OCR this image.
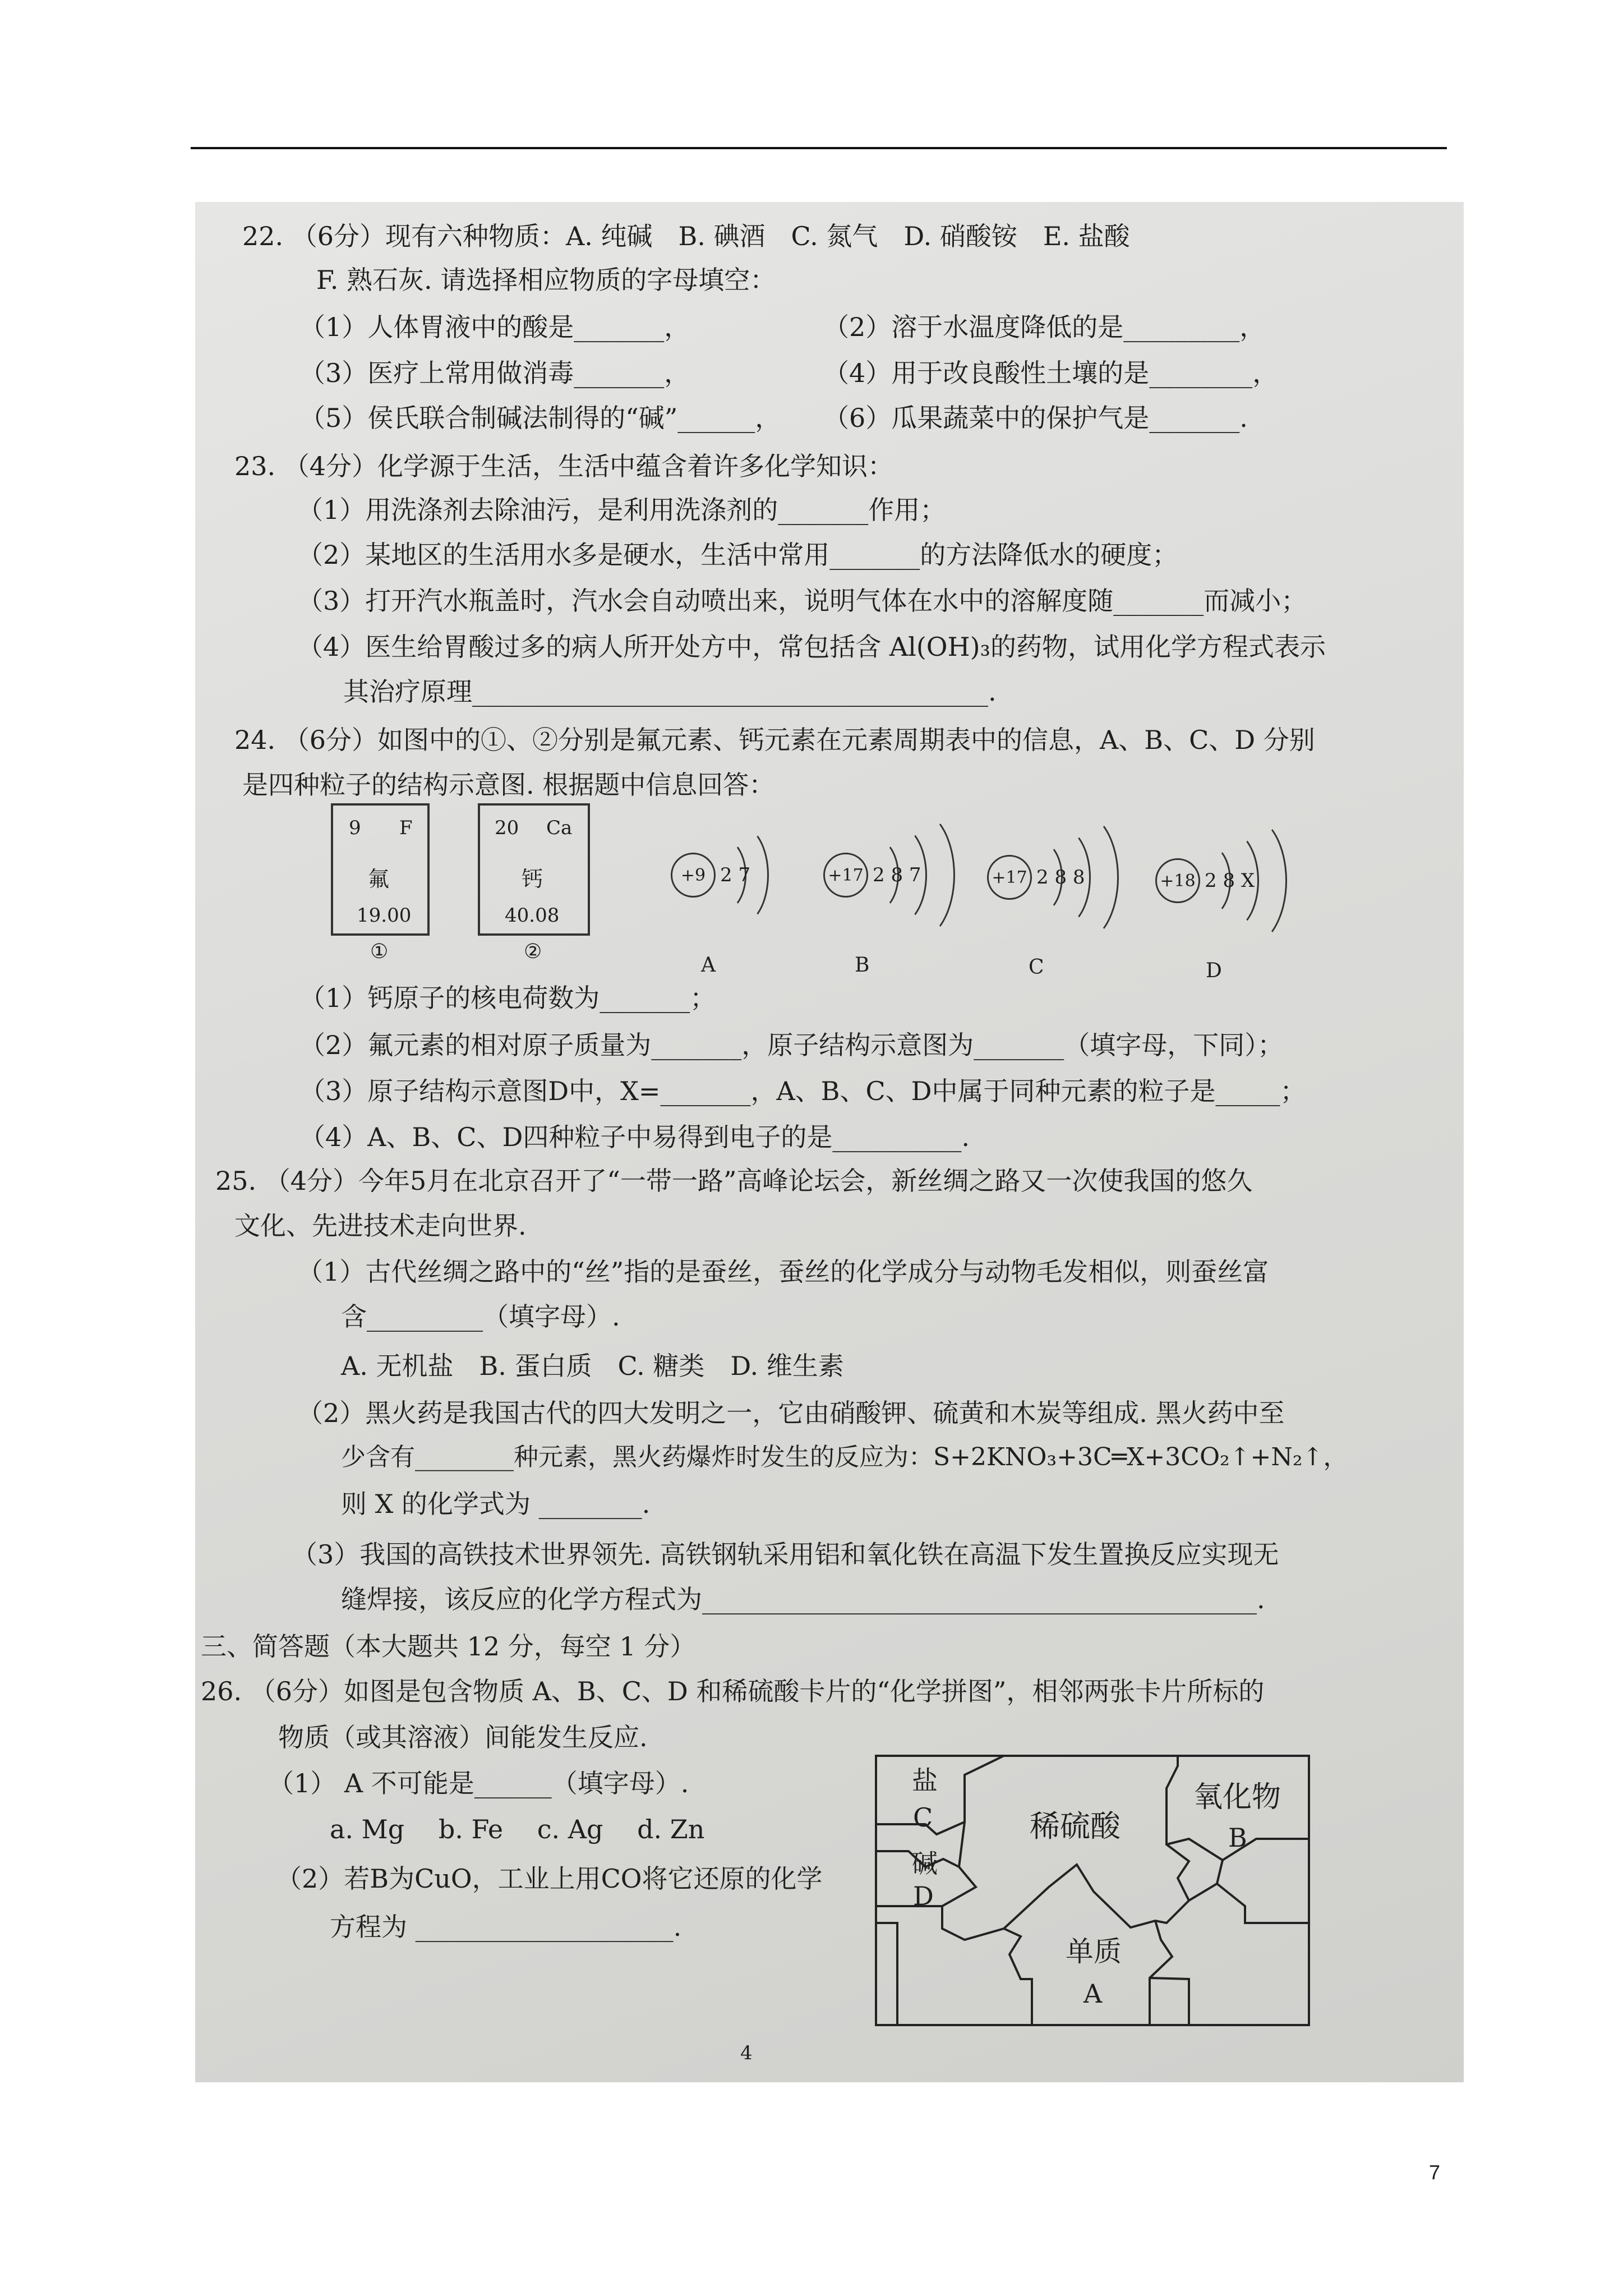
22. （6分）现有六种物质：A. 纯碱　B. 碘酒　C. 氮气　D. 硝酸铵　E. 盐酸
F. 熟石灰. 请选择相应物质的字母填空：
（1）人体胃液中的酸是_______，	（2）溶于水温度降低的是_________，
（3）医疗上常用做消毒_______，	（4）用于改良酸性土壤的是________，
（5）侯氏联合制碱法制得的“碱”______， （6）瓜果蔬菜中的保护气是_______.
23. （4分）化学源于生活，生活中蕴含着许多化学知识：
（1）用洗涤剂去除油污，是利用洗涤剂的_______作用；
（2）某地区的生活用水多是硬水，生活中常用_______的方法降低水的硬度；
（3）打开汽水瓶盖时，汽水会自动喷出来，说明气体在水中的溶解度随_______而减小；
（4）医生给胃酸过多的病人所开处方中，常包括含 Al(OH)₃的药物，试用化学方程式表示
其治疗原理________________________________________.
24. （6分）如图中的①、②分别是氟元素、钙元素在元素周期表中的信息，A、B、C、D 分别
是四种粒子的结构示意图. 根据题中信息回答：
9 F
氟
19.00
①
20 Ca
钙
40.08
②
+9 2 7
A
+17 2 8 7
B
+17 2 8 8
C
+18 2 8 X
D
（1）钙原子的核电荷数为_______；
（2）氟元素的相对原子质量为_______，原子结构示意图为_______（填字母，下同）；
（3）原子结构示意图D中，X=_______，A、B、C、D中属于同种元素的粒子是_____；
（4）A、B、C、D四种粒子中易得到电子的是__________.
25. （4分）今年5月在北京召开了“一带一路”高峰论坛会，新丝绸之路又一次使我国的悠久
文化、先进技术走向世界.
（1）古代丝绸之路中的“丝”指的是蚕丝，蚕丝的化学成分与动物毛发相似，则蚕丝富
含_________（填字母）.
A. 无机盐　B. 蛋白质　C. 糖类　D. 维生素
（2）黑火药是我国古代的四大发明之一，它由硝酸钾、硫黄和木炭等组成. 黑火药中至
少含有________种元素，黑火药爆炸时发生的反应为：S+2KNO₃+3C═X+3CO₂↑+N₂↑，
则 X 的化学式为 ________.
（3）我国的高铁技术世界领先. 高铁钢轨采用铝和氧化铁在高温下发生置换反应实现无
缝焊接，该反应的化学方程式为___________________________________________.
三、简答题（本大题共 12 分，每空 1 分）
26. （6分）如图是包含物质 A、B、C、D 和稀硫酸卡片的“化学拼图”，相邻两张卡片所标的
物质（或其溶液）间能发生反应.
（1） A 不可能是______（填字母）.
a. Mg　 b. Fe　 c. Ag　 d. Zn
（2）若B为CuO，工业上用CO将它还原的化学
方程为 ____________________.
盐
C
碱
D
稀硫酸
氧化物
B
单质
A
4
7
